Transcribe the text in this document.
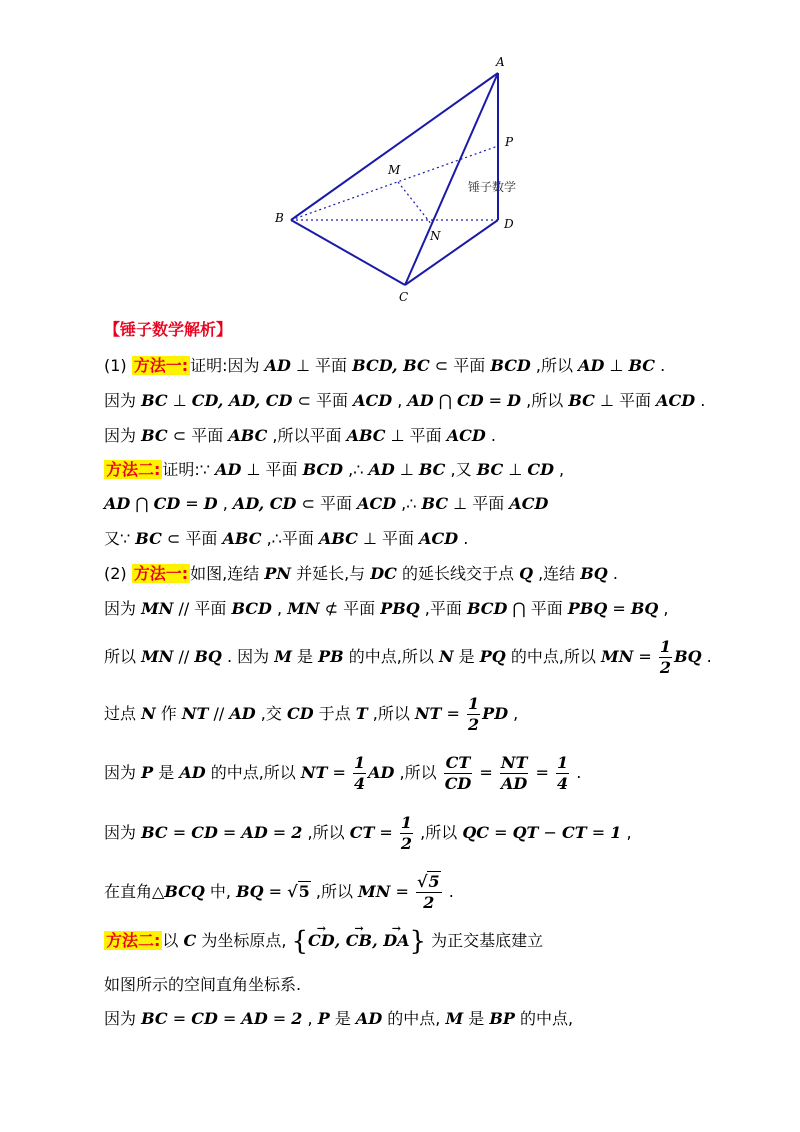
A
B
C
D
M
N
P
锤子数学
【锤子数学解析】
(1) 方法一: 证明:因为 AD ⊥ 平面 BCD, BC ⊂ 平面 BCD ,所以 AD ⊥ BC .
因为 BC ⊥ CD, AD, CD ⊂ 平面 ACD , AD ⋂ CD = D ,所以 BC ⊥ 平面 ACD .
因为 BC ⊂ 平面 ABC ,所以平面 ABC ⊥ 平面 ACD .
方法二: 证明:∵ AD ⊥ 平面 BCD ,∴ AD ⊥ BC ,又 BC ⊥ CD ,
AD ⋂ CD = D , AD, CD ⊂ 平面 ACD ,∴ BC ⊥ 平面 ACD
又∵ BC ⊂ 平面 ABC ,∴平面 ABC ⊥ 平面 ACD .
(2) 方法一: 如图,连结 PN 并延长,与 DC 的延长线交于点 Q ,连结 BQ .
因为 MN // 平面 BCD , MN ⊄ 平面 PBQ ,平面 BCD ⋂ 平面 PBQ = BQ ,
所以 MN // BQ . 因为 M 是 PB 的中点,所以 N 是 PQ 的中点,所以 MN = $\frac{1}{2}$ BQ .
过点 N 作 NT // AD ,交 CD 于点 T ,所以 NT = $\frac{1}{2}$ PD ,
因为 P 是 AD 的中点,所以 NT = $\frac{1}{4}$ AD ,所以 $\frac{CT}{CD} = \frac{NT}{AD} = \frac{1}{4}$ .
因为 BC = CD = AD = 2 ,所以 CT = $\frac{1}{2}$ ,所以 QC = QT − CT = 1 ,
在直角△BCQ 中, BQ = √5 ,所以 MN = $\frac{√5}{2}$ .
方法二: 以 C 为坐标原点, {→ CD, → CB, → DA} 为正交基底建立
如图所示的空间直角坐标系.
因为 BC = CD = AD = 2 , P 是 AD 的中点, M 是 BP 的中点,
